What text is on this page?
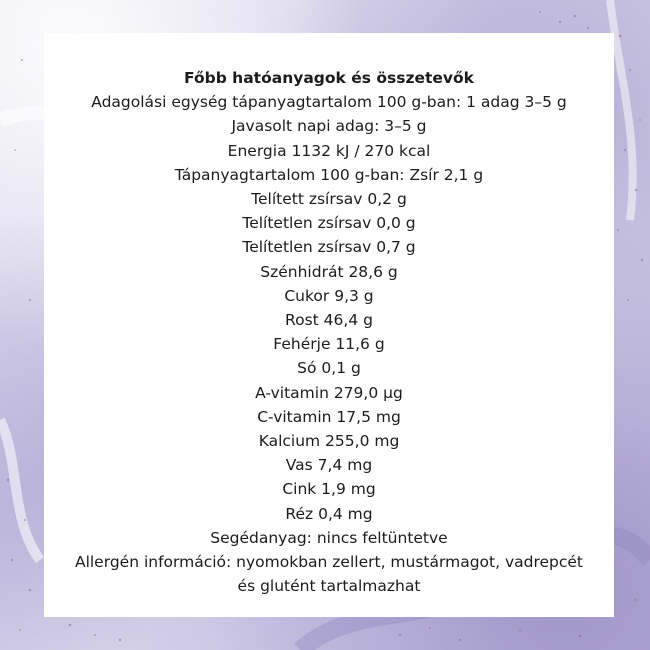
Főbb hatóanyagok és összetevők
Adagolási egység tápanyagtartalom 100 g-ban: 1 adag 3–5 g
Javasolt napi adag: 3–5 g
Energia 1132 kJ / 270 kcal
Tápanyagtartalom 100 g-ban: Zsír 2,1 g
Telített zsírsav 0,2 g
Telítetlen zsírsav 0,0 g
Telítetlen zsírsav 0,7 g
Szénhidrát 28,6 g
Cukor 9,3 g
Rost 46,4 g
Fehérje 11,6 g
Só 0,1 g
A-vitamin 279,0 µg
C-vitamin 17,5 mg
Kalcium 255,0 mg
Vas 7,4 mg
Cink 1,9 mg
Réz 0,4 mg
Segédanyag: nincs feltüntetve
Allergén információ: nyomokban zellert, mustármagot, vadrepcét
és glutént tartalmazhat
